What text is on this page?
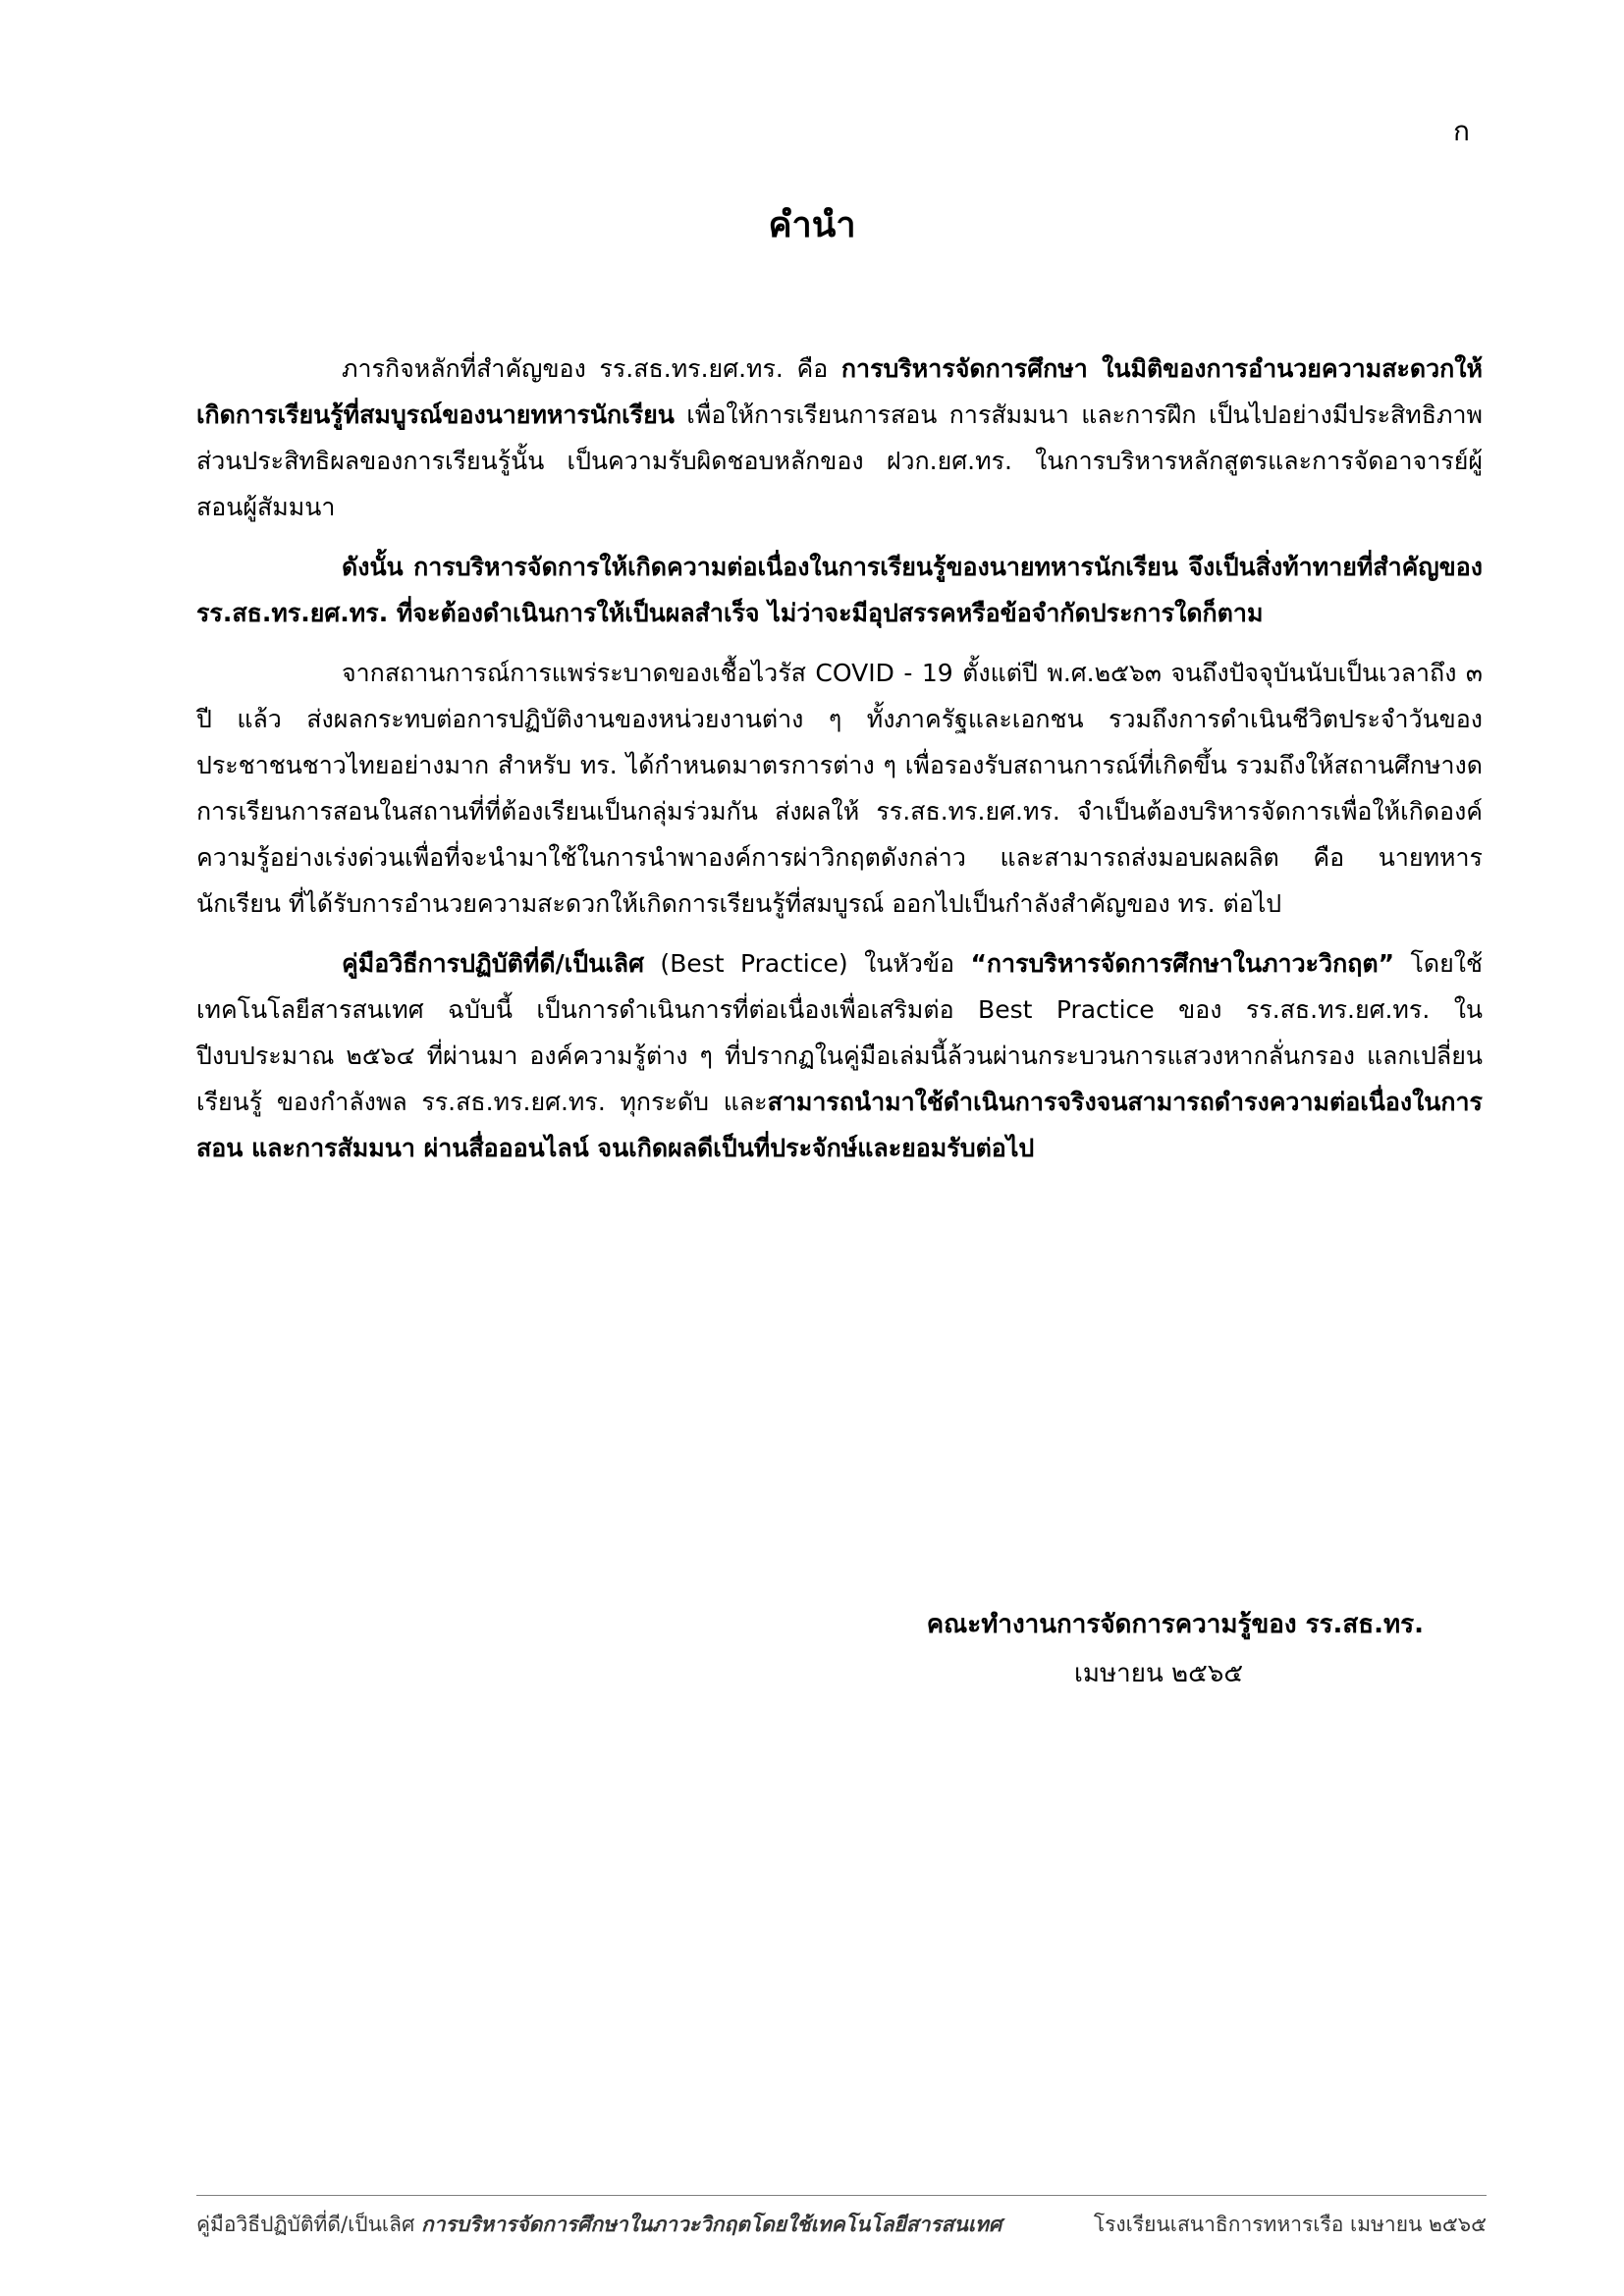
ก
คำนำ

ภารกิจหลักที่สำคัญของ รร.สธ.ทร.ยศ.ทร. คือ การบริหารจัดการศึกษา ในมิติของการอำนวยความสะดวกให้เกิดการเรียนรู้ที่สมบูรณ์ของนายทหารนักเรียน เพื่อให้การเรียนการสอน การสัมมนา และการฝึก เป็นไปอย่างมีประสิทธิภาพ ส่วนประสิทธิผลของการเรียนรู้นั้น เป็นความรับผิดชอบหลักของ ฝวก.ยศ.ทร. ในการบริหารหลักสูตรและการจัดอาจารย์ผู้สอนผู้สัมมนา

ดังนั้น การบริหารจัดการให้เกิดความต่อเนื่องในการเรียนรู้ของนายทหารนักเรียน จึงเป็นสิ่งท้าทายที่สำคัญของ รร.สธ.ทร.ยศ.ทร. ที่จะต้องดำเนินการให้เป็นผลสำเร็จ ไม่ว่าจะมีอุปสรรคหรือข้อจำกัดประการใดก็ตาม

จากสถานการณ์การแพร่ระบาดของเชื้อไวรัส COVID - 19 ตั้งแต่ปี พ.ศ.๒๕๖๓ จนถึงปัจจุบันนับเป็นเวลาถึง ๓ ปี แล้ว ส่งผลกระทบต่อการปฏิบัติงานของหน่วยงานต่าง ๆ ทั้งภาครัฐและเอกชน รวมถึงการดำเนินชีวิตประจำวันของประชาชนชาวไทยอย่างมาก สำหรับ ทร. ได้กำหนดมาตรการต่าง ๆ เพื่อรองรับสถานการณ์ที่เกิดขึ้น รวมถึงให้สถานศึกษางดการเรียนการสอนในสถานที่ที่ต้องเรียนเป็นกลุ่มร่วมกัน ส่งผลให้ รร.สธ.ทร.ยศ.ทร. จำเป็นต้องบริหารจัดการเพื่อให้เกิดองค์ความรู้อย่างเร่งด่วนเพื่อที่จะนำมาใช้ในการนำพาองค์การผ่าวิกฤตดังกล่าว และสามารถส่งมอบผลผลิต คือ นายทหารนักเรียน ที่ได้รับการอำนวยความสะดวกให้เกิดการเรียนรู้ที่สมบูรณ์ ออกไปเป็นกำลังสำคัญของ ทร. ต่อไป

คู่มือวิธีการปฏิบัติที่ดี/เป็นเลิศ (Best Practice) ในหัวข้อ “การบริหารจัดการศึกษาในภาวะวิกฤต” โดยใช้เทคโนโลยีสารสนเทศ ฉบับนี้ เป็นการดำเนินการที่ต่อเนื่องเพื่อเสริมต่อ Best Practice ของ รร.สธ.ทร.ยศ.ทร. ในปีงบประมาณ ๒๕๖๔ ที่ผ่านมา องค์ความรู้ต่าง ๆ ที่ปรากฏในคู่มือเล่มนี้ล้วนผ่านกระบวนการแสวงหากลั่นกรอง แลกเปลี่ยนเรียนรู้ ของกำลังพล รร.สธ.ทร.ยศ.ทร. ทุกระดับ และสามารถนำมาใช้ดำเนินการจริงจนสามารถดำรงความต่อเนื่องในการสอน และการสัมมนา ผ่านสื่อออนไลน์ จนเกิดผลดีเป็นที่ประจักษ์และยอมรับต่อไป

คณะทำงานการจัดการความรู้ของ รร.สธ.ทร.
เมษายน ๒๕๖๕
คู่มือวิธีปฏิบัติที่ดี/เป็นเลิศ การบริหารจัดการศึกษาในภาวะวิกฤตโดยใช้เทคโนโลยีสารสนเทศ	โรงเรียนเสนาธิการทหารเรือ เมษายน ๒๕๖๕
